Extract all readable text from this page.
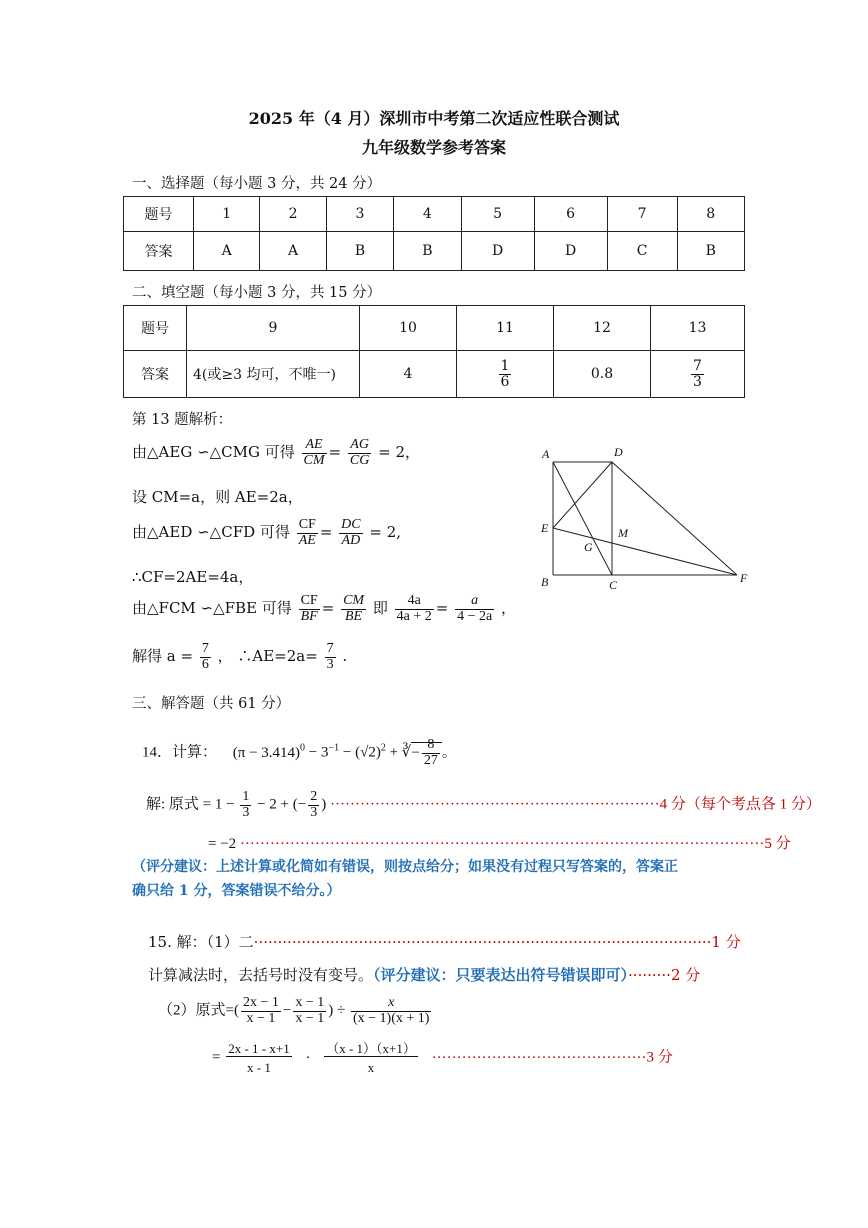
2025 年（4 月）深圳市中考第二次适应性联合测试
九年级数学参考答案
一、选择题（每小题 3 分，共 24 分）
题号	1	2	3	4	5	6	7	8
答案	A	A	B	B	D	D	C	B
二、填空题（每小题 3 分，共 15 分）
题号	9	10	11	12	13
答案	4(或≥3 均可，不唯一)	4	$\frac{1}{6}$	0.8	$\frac{7}{3}$
第 13 题解析：
由△AEG ∽△CMG 可得 $\frac{AE}{CM} = \frac{AG}{CG} = 2$，
设 CM=a，则 AE=2a，
由△AED ∽△CFD 可得 $\frac{CF}{AE} = \frac{DC}{AD} = 2$,
∴CF=2AE=4a，
由△FCM ∽△FBE 可得 $\frac{CF}{BF} = \frac{CM}{BE}$ 即 $\frac{4a}{4a + 2} = \frac{a}{4 - 2a}$ ，
解得 $a = \frac{7}{6}$ ， ∴AE=2a= $\frac{7}{3}$ .
A	D
E	M
G
B	C	F
三、解答题（共 61 分）
14．计算： $(\pi - 3.414)^0 - 3^{-1} - (√2)^2$ + ∛− $\frac{8}{27}$ 。
解: 原式 = $1 - \frac{1}{3} - 2$ + (− $\frac{2}{3}$ ) ··································································4 分（每个考点各 1 分）
= −2 ·········································································································5 分
（评分建议：上述计算或化简如有错误，则按点给分；如果没有过程只写答案的，答案正
确只给 1 分，答案错误不给分。）
15. 解：（1）二································································································1 分
计算减法时，去括号时没有变号。（评分建议：只要表达出符号错误即可）·········2 分
（2）原式=( $\frac{2x - 1}{x - 1} - \frac{x - 1}{x - 1}$ ) ÷ $\frac{x}{(x - 1)(x + 1)}$
= $\frac{2x - 1 - x+1}{x - 1} \cdot \frac{(x - 1)(x+1)}{x} \cdot\cdot\cdot\cdot\cdot\cdot\cdot\cdot\cdot\cdot\cdot\cdot\cdot\cdot\cdot\cdot\cdot\cdot\cdot\cdot\cdot\cdot\cdot\cdot\cdot\cdot\cdot\cdot\cdot\cdot\cdot\cdot\cdot\cdot\cdot\cdot\cdot\cdot\cdot\cdot\cdot\cdot\cdot 3$ 分
